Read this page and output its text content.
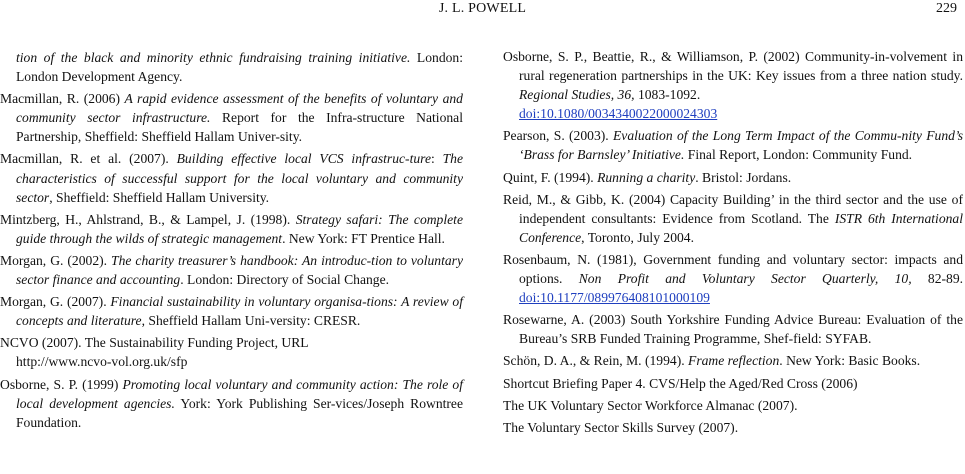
J. L. POWELL	229

tion of the black and minority ethnic fundraising training initiative. London: London Development Agency.

Macmillan, R. (2006) A rapid evidence assessment of the benefits of voluntary and community sector infrastructure. Report for the Infra-structure National Partnership, Sheffield: Sheffield Hallam Univer-sity.

Macmillan, R. et al. (2007). Building effective local VCS infrastruc-ture: The characteristics of successful support for the local voluntary and community sector, Sheffield: Sheffield Hallam University.

Mintzberg, H., Ahlstrand, B., & Lampel, J. (1998). Strategy safari: The complete guide through the wilds of strategic management. New York: FT Prentice Hall.

Morgan, G. (2002). The charity treasurer’s handbook: An introduc-tion to voluntary sector finance and accounting. London: Directory of Social Change.

Morgan, G. (2007). Financial sustainability in voluntary organisa-tions: A review of concepts and literature, Sheffield Hallam Uni-versity: CRESR.

NCVO (2007). The Sustainability Funding Project, URL
http://www.ncvo-vol.org.uk/sfp

Osborne, S. P. (1999) Promoting local voluntary and community action: The role of local development agencies. York: York Publishing Ser-vices/Joseph Rowntree Foundation.

Osborne, S. P., Beattie, R., & Williamson, P. (2002) Community-in-volvement in rural regeneration partnerships in the UK: Key issues from a three nation study. Regional Studies, 36, 1083-1092.
doi:10.1080/0034340022000024303

Pearson, S. (2003). Evaluation of the Long Term Impact of the Commu-nity Fund’s ‘Brass for Barnsley’ Initiative. Final Report, London: Community Fund.

Quint, F. (1994). Running a charity. Bristol: Jordans.

Reid, M., & Gibb, K. (2004) Capacity Building’ in the third sector and the use of independent consultants: Evidence from Scotland. The ISTR 6th International Conference, Toronto, July 2004.

Rosenbaum, N. (1981), Government funding and voluntary sector: impacts and options. Non Profit and Voluntary Sector Quarterly, 10, 82-89. doi:10.1177/089976408101000109

Rosewarne, A. (2003) South Yorkshire Funding Advice Bureau: Evaluation of the Bureau’s SRB Funded Training Programme, Shef-field: SYFAB.

Schön, D. A., & Rein, M. (1994). Frame reflection. New York: Basic Books.

Shortcut Briefing Paper 4. CVS/Help the Aged/Red Cross (2006)

The UK Voluntary Sector Workforce Almanac (2007).

The Voluntary Sector Skills Survey (2007).
